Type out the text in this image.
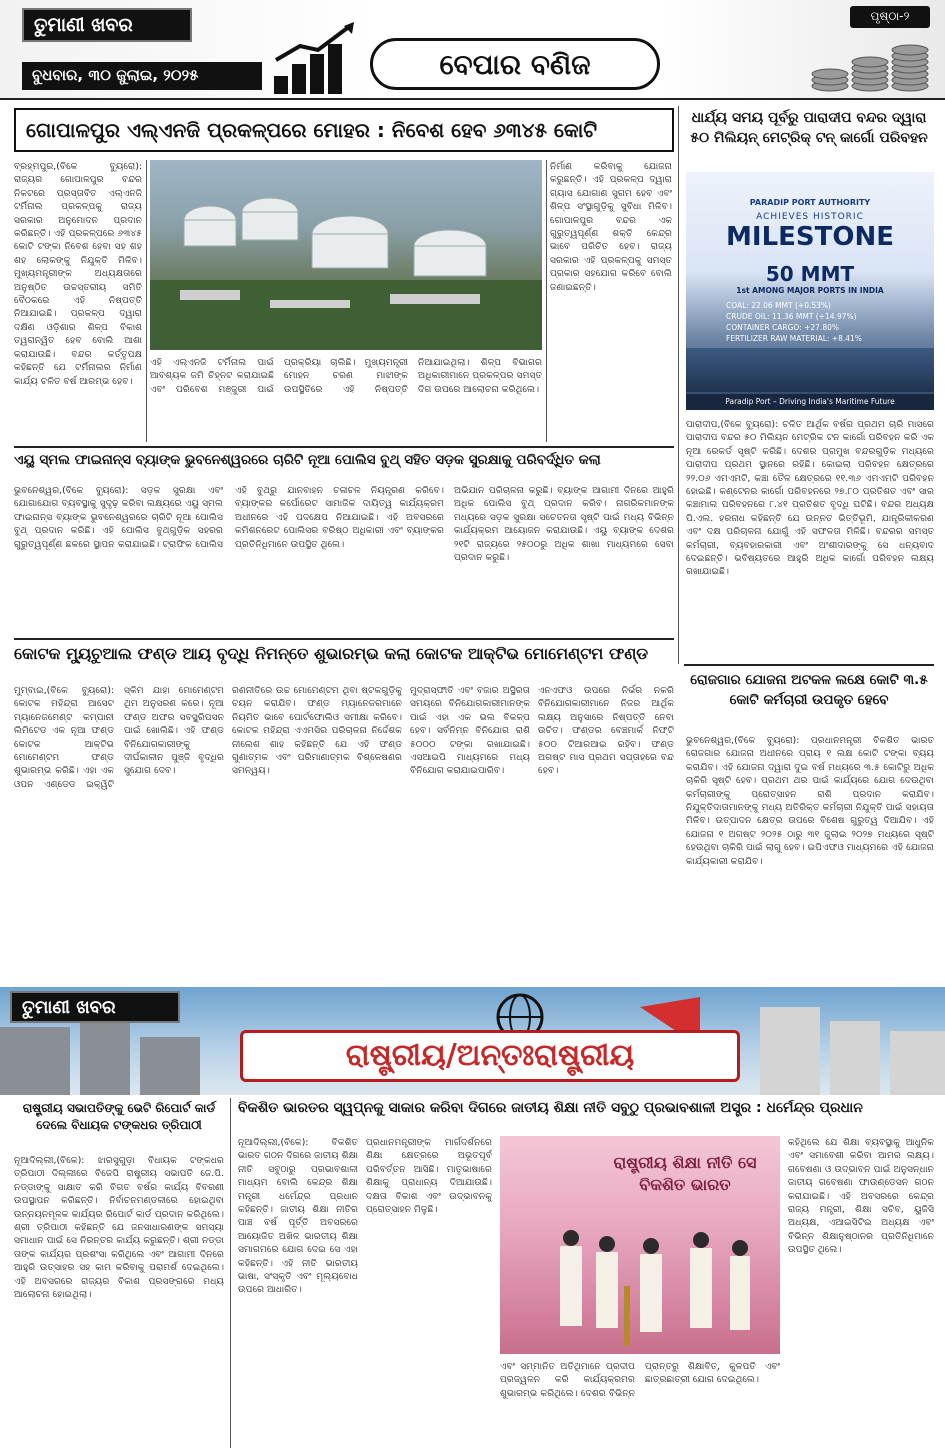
ତୁମାଣୀ ଖବର
ବୁଧବାର, ୩୦ ଜୁଲାଇ, ୨୦୨୫
ପୃଷ୍ଠା-୨
ବେପାର ବଣିଜ
ଗୋପାଳପୁର ଏଲ୍‌ଏନଜି ପ୍ରକଳ୍ପରେ ମୋହର : ନିବେଶ ହେବ ୬୩୪୫ କୋଟି
ବ୍ରହ୍ମପୁର,(ବିକେ ବ୍ୟୁରୋ): ରାଜ୍ୟର ଗୋପାଳପୁର ବନ୍ଦର ନିକଟରେ ପ୍ରସ୍ତାବିତ ଏଲ୍‌ଏନଜି ଟର୍ମିନାଲ ପ୍ରକଳ୍ପକୁ ରାଜ୍ୟ ସରକାର ଅନୁମୋଦନ ପ୍ରଦାନ କରିଛନ୍ତି। ଏହି ପ୍ରକଳ୍ପରେ ୬୩୪୫ କୋଟି ଟଙ୍କା ନିବେଶ ହେବା ସହ ଶହ ଶହ ଲୋକଙ୍କୁ ନିଯୁକ୍ତି ମିଳିବ। ମୁଖ୍ୟମନ୍ତ୍ରୀଙ୍କ ଅଧ୍ୟକ୍ଷତାରେ ଅନୁଷ୍ଠିତ ଉଚ୍ଚସ୍ତରୀୟ ସମିତି ବୈଠକରେ ଏହି ନିଷ୍ପତ୍ତି ନିଆଯାଇଛି। ପ୍ରକଳ୍ପ ଦ୍ୱାରା ଦକ୍ଷିଣ ଓଡ଼ିଶାର ଶିଳ୍ପ ବିକାଶ ତ୍ୱରାନ୍ୱିତ ହେବ ବୋଲି ଆଶା କରାଯାଉଛି। ବନ୍ଦର କର୍ତ୍ତୃପକ୍ଷ କହିଛନ୍ତି ଯେ ଟର୍ମିନାଲର ନିର୍ମାଣ କାର୍ଯ୍ୟ ଚଳିତ ବର୍ଷ ଆରମ୍ଭ ହେବ।
ନିର୍ମାଣ କରିବାକୁ ଯୋଜନା କରୁଛନ୍ତି। ଏହି ପ୍ରକଳ୍ପ ଦ୍ୱାରା ଗ୍ୟାସ ଯୋଗାଣ ସୁଗମ ହେବ ଏବଂ ଶିଳ୍ପ ସଂସ୍ଥାଗୁଡ଼ିକୁ ସୁବିଧା ମିଳିବ। ଗୋପାଳପୁର ବନ୍ଦର ଏକ ଗୁରୁତ୍ୱପୂର୍ଣ୍ଣ ଶକ୍ତି କେନ୍ଦ୍ର ଭାବେ ପରିଚିତ ହେବ। ରାଜ୍ୟ ସରକାର ଏହି ପ୍ରକଳ୍ପକୁ ସମସ୍ତ ପ୍ରକାର ସହଯୋଗ କରିବେ ବୋଲି ଜଣାଇଛନ୍ତି।
ଏହି ଏଲ୍‌ଏନଜି ଟର୍ମିନାଲ ପାଇଁ ଆବଶ୍ୟକ ଜମି ଚିହ୍ନଟ କରାଯାଇଛି ଏବଂ ପରିବେଶ ମଞ୍ଜୁରୀ ପାଇଁ ପ୍ରକ୍ରିୟା ଚାଲିଛି। ମୁଖ୍ୟମନ୍ତ୍ରୀ ମୋହନ ଚରଣ ମାଝୀଙ୍କ ଉପସ୍ଥିତିରେ ଏହି ନିଷ୍ପତ୍ତି ନିଆଯାଇଥିଲା। ଶିଳ୍ପ ବିଭାଗର ଅଧିକାରୀମାନେ ପ୍ରକଳ୍ପର ସମସ୍ତ ଦିଗ ଉପରେ ଆଲୋଚନା କରିଥିଲେ।
ଧାର୍ଯ୍ୟ ସମୟ ପୂର୍ବରୁ ପାରାଦୀପ ବନ୍ଦର ଦ୍ୱାରା ୫୦ ମିଲିୟନ୍ ମେଟ୍ରିକ୍ ଟନ୍ କାର୍ଗୋ ପରିବହନ
PARADIP PORT AUTHORITY
ACHIEVES HISTORIC
MILESTONE
50 MMT
1st AMONG MAJOR PORTS IN INDIA
COAL: 22.06 MMT (+0.53%)
CRUDE OIL: 11.36 MMT (+14.97%)
CONTAINER CARGO: +27.80%
FERTILIZER RAW MATERIAL: +8.41%
Paradip Port – Driving India's Maritime Future
ପାରାଦୀପ,(ବିକେ ବ୍ୟୁରୋ): ଚଳିତ ଆର୍ଥିକ ବର୍ଷର ପ୍ରଥମ ଚାରି ମାସରେ ପାରାଦୀପ ବନ୍ଦର ୫୦ ମିଲିୟନ ମେଟ୍ରିକ ଟନ କାର୍ଗୋ ପରିବହନ କରି ଏକ ନୂଆ ରେକର୍ଡ ସୃଷ୍ଟି କରିଛି। ଦେଶର ପ୍ରମୁଖ ବନ୍ଦରଗୁଡ଼ିକ ମଧ୍ୟରେ ପାରାଦୀପ ପ୍ରଥମ ସ୍ଥାନରେ ରହିଛି। କୋଇଲା ପରିବହନ କ୍ଷେତ୍ରରେ ୨୨.୦୬ ଏମଏମଟି, କଞ୍ଚା ତୈଳ କ୍ଷେତ୍ରରେ ୧୧.୩୬ ଏମଏମଟି ପରିବହନ ହୋଇଛି। କଣ୍ଟେନର କାର୍ଗୋ ପରିବହନରେ ୨୭.୮୦ ପ୍ରତିଶତ ଏବଂ ସାର କଞ୍ଚାମାଲ ପରିବହନରେ ୮.୪୧ ପ୍ରତିଶତ ବୃଦ୍ଧି ଘଟିଛି। ବନ୍ଦର ଅଧ୍ୟକ୍ଷ ପି.ଏଲ. ହରନାଧ କହିଛନ୍ତି ଯେ ଉନ୍ନତ ଭିତ୍ତିଭୂମି, ଯାନ୍ତ୍ରିକୀକରଣ ଏବଂ ଦକ୍ଷ ପରିଚାଳନା ଯୋଗୁଁ ଏହି ସଫଳତା ମିଳିଛି। ବନ୍ଦରର ସମସ୍ତ କର୍ମଚାରୀ, ବ୍ୟବହାରକାରୀ ଏବଂ ଅଂଶୀଦାରଙ୍କୁ ସେ ଧନ୍ୟବାଦ ଦେଇଛନ୍ତି। ଭବିଷ୍ୟତରେ ଆହୁରି ଅଧିକ କାର୍ଗୋ ପରିବହନ ଲକ୍ଷ୍ୟ ରଖାଯାଇଛି।
ଏୟୁ ସ୍ମଲ ଫାଇନାନ୍ସ ବ୍ୟାଙ୍କ ଭୁବନେଶ୍ୱରରେ ଚାରିଟି ନୂଆ ପୋଲିସ ବୁଥ୍ ସହିତ ସଡ଼କ ସୁରକ୍ଷାକୁ ପରିବର୍ଦ୍ଧିତ କଲା
ଭୁବନେଶ୍ୱର,(ବିକେ ବ୍ୟୁରୋ): ସଡ଼କ ସୁରକ୍ଷା ଏବଂ ଯୋଗାଯୋଗ ବ୍ୟବସ୍ଥାକୁ ସୁଦୃଢ଼ କରିବା ଲକ୍ଷ୍ୟରେ ଏୟୁ ସ୍ମଲ ଫାଇନାନ୍ସ ବ୍ୟାଙ୍କ ଭୁବନେଶ୍ୱରରେ ଚାରିଟି ନୂଆ ପୋଲିସ ବୁଥ୍ ପ୍ରଦାନ କରିଛି। ଏହି ପୋଲିସ ବୁଥ୍‌ଗୁଡ଼ିକ ସହରର ଗୁରୁତ୍ୱପୂର୍ଣ୍ଣ ଛକରେ ସ୍ଥାପନ କରାଯାଇଛି। ଟ୍ରାଫିକ ପୋଲିସ ଏହି ବୁଥ୍‌ରୁ ଯାନବାହନ ଚଳାଚଳ ନିୟନ୍ତ୍ରଣ କରିବେ। ବ୍ୟାଙ୍କର କର୍ପୋରେଟ ସାମାଜିକ ଦାୟିତ୍ୱ କାର୍ଯ୍ୟକ୍ରମ ଅଧୀନରେ ଏହି ପଦକ୍ଷେପ ନିଆଯାଇଛି। ଏହି ଅବସରରେ କମିଶନରେଟ ପୋଲିସର ବରିଷ୍ଠ ଅଧିକାରୀ ଏବଂ ବ୍ୟାଙ୍କର ପ୍ରତିନିଧିମାନେ ଉପସ୍ଥିତ ଥିଲେ।
ଅଭିଯାନ ପରିଚାଳନା କରୁଛି। ବ୍ୟାଙ୍କ ଆଗାମୀ ଦିନରେ ଆହୁରି ଅଧିକ ପୋଲିସ ବୁଥ୍ ପ୍ରଦାନ କରିବ। ନାଗରିକମାନଙ୍କ ମଧ୍ୟରେ ସଡ଼କ ସୁରକ୍ଷା ସଚେତନତା ସୃଷ୍ଟି ପାଇଁ ମଧ୍ୟ ବିଭିନ୍ନ କାର୍ଯ୍ୟକ୍ରମ ଆୟୋଜନ କରାଯାଉଛି। ଏୟୁ ବ୍ୟାଙ୍କ ଦେଶର ୨୧ଟି ରାଜ୍ୟରେ ୨୫୦୦ରୁ ଅଧିକ ଶାଖା ମାଧ୍ୟମରେ ସେବା ପ୍ରଦାନ କରୁଛି।
କୋଟକ ମ୍ୟୁଚୁଆଲ ଫଣ୍ଡ ଆୟ ବୃଦ୍ଧି ନିମନ୍ତେ ଶୁଭାରମ୍ଭ କଲା କୋଟକ ଆକ୍ଟିଭ ମୋମେଣ୍ଟମ ଫଣ୍ଡ
ମୁମ୍ବାଇ,(ବିକେ ବ୍ୟୁରୋ): କୋଟକ ମହିନ୍ଦ୍ରା ଆସେଟ ମ୍ୟାନେଜମେଣ୍ଟ କମ୍ପାନୀ ଲିମିଟେଡ ଏକ ନୂଆ ଫଣ୍ଡ କୋଟକ ଆକ୍ଟିଭ ମୋମେଣ୍ଟମ ଫଣ୍ଡ ଶୁଭାରମ୍ଭ କରିଛି। ଏହା ଏକ ଓପନ ଏଣ୍ଡେଡ ଇକ୍ୱିଟି ସ୍କିମ ଯାହା ମୋମେଣ୍ଟମ ଥିମ ଅନୁସରଣ କରେ। ନୂଆ ଫଣ୍ଡ ଅଫର ସବସ୍କ୍ରିପସନ ପାଇଁ ଖୋଲିଛି। ଏହି ଫଣ୍ଡ ବିନିଯୋଗକାରୀଙ୍କୁ ଦୀର୍ଘକାଳୀନ ପୁଞ୍ଜି ବୃଦ୍ଧିର ସୁଯୋଗ ଦେବ।
ରଣନୀତିରେ ଉଚ୍ଚ ମୋମେଣ୍ଟମ ଥିବା ଷ୍ଟକଗୁଡ଼ିକୁ ଚୟନ କରାଯିବ। ଫଣ୍ଡ ମ୍ୟାନେଜରମାନେ ନିୟମିତ ଭାବେ ପୋର୍ଟଫୋଲିଓ ସମୀକ୍ଷା କରିବେ। କୋଟକ ମହିନ୍ଦ୍ରା ଏଏମସିର ପରିଚାଳନା ନିର୍ଦ୍ଦେଶକ ନୀଲେଶ ଶାହ କହିଛନ୍ତି ଯେ ଏହି ଫଣ୍ଡ ଗୁଣାତ୍ମକ ଏବଂ ପରିମାଣାତ୍ମକ ବିଶ୍ଳେଷଣର ସମନ୍ୱୟ।
ମୁଦ୍ରାସ୍ଫୀତି ଏବଂ ବଜାର ଅସ୍ଥିରତା ସମୟରେ ବିନିଯୋଗକାରୀମାନଙ୍କ ପାଇଁ ଏହା ଏକ ଭଲ ବିକଳ୍ପ ହେବ। ସର୍ବନିମ୍ନ ବିନିଯୋଗ ରାଶି ୫୦୦୦ ଟଙ୍କା ରଖାଯାଇଛି। ଏସଆଇପି ମାଧ୍ୟମରେ ମଧ୍ୟ ବିନିଯୋଗ କରାଯାଇପାରିବ।
ଏନଏଫଓ ଉପରେ ନିର୍ଭର ନକରି ବିନିଯୋଗକାରୀମାନେ ନିଜର ଆର୍ଥିକ ଲକ୍ଷ୍ୟ ଅନୁସାରେ ନିଷ୍ପତ୍ତି ନେବା ଉଚିତ। ଫଣ୍ଡର ବେଞ୍ଚମାର୍କ ନିଫ୍ଟି ୫୦୦ ଟିଆରଆଇ ରହିବ। ଫଣ୍ଡ ଅଗଷ୍ଟ ମାସ ପ୍ରଥମ ସପ୍ତାହରେ ବନ୍ଦ ହେବ।
ରୋଜଗାର ଯୋଜନା ଅଟକଳ ଲକ୍ଷେ କୋଟି ୩.୫ କୋଟି କର୍ମଚାରୀ ଉପକୃତ ହେବେ
ଭୁବନେଶ୍ୱର,(ବିକେ ବ୍ୟୁରୋ): ପ୍ରଧାନମନ୍ତ୍ରୀ ବିକଶିତ ଭାରତ ରୋଜଗାର ଯୋଜନା ଅଧୀନରେ ପ୍ରାୟ ୧ ଲକ୍ଷ କୋଟି ଟଙ୍କା ବ୍ୟୟ କରାଯିବ। ଏହି ଯୋଜନା ଦ୍ୱାରା ଦୁଇ ବର୍ଷ ମଧ୍ୟରେ ୩.୫ କୋଟିରୁ ଅଧିକ ଚାକିରି ସୃଷ୍ଟି ହେବ। ପ୍ରଥମ ଥର ପାଇଁ କାର୍ଯ୍ୟରେ ଯୋଗ ଦେଉଥିବା କର୍ମଚାରୀଙ୍କୁ ପ୍ରୋତ୍ସାହନ ରାଶି ପ୍ରଦାନ କରାଯିବ। ନିଯୁକ୍ତିଦାତାମାନଙ୍କୁ ମଧ୍ୟ ଅତିରିକ୍ତ କର୍ମଚାରୀ ନିଯୁକ୍ତି ପାଇଁ ସହାୟତା ମିଳିବ। ଉତ୍ପାଦନ କ୍ଷେତ୍ର ଉପରେ ବିଶେଷ ଗୁରୁତ୍ୱ ଦିଆଯିବ। ଏହି ଯୋଜନା ୧ ଅଗଷ୍ଟ ୨୦୨୫ ଠାରୁ ୩୧ ଜୁଲାଇ ୨୦୨୭ ମଧ୍ୟରେ ସୃଷ୍ଟି ହେଉଥିବା ଚାକିରି ପାଇଁ ଲାଗୁ ହେବ। ଇପିଏଫଓ ମାଧ୍ୟମରେ ଏହି ଯୋଜନା କାର୍ଯ୍ୟକାରୀ କରାଯିବ।
ତୁମାଣୀ ଖବର
ରାଷ୍ଟ୍ରୀୟ/ଅନ୍ତଃରାଷ୍ଟ୍ରୀୟ
ରାଷ୍ଟ୍ରୀୟ ସଭାପତିଙ୍କୁ ଭେଟି ରିପୋର୍ଟ କାର୍ଡ ଦେଲେ ବିଧାୟକ ଟଙ୍କଧର ତ୍ରିପାଠୀ
ନୂଆଦିଲ୍ଲୀ,(ବିକେ): ଝାରସୁଗୁଡ଼ା ବିଧାୟକ ଟଙ୍କଧର ତ୍ରିପାଠୀ ଦିଲ୍ଲୀରେ ବିଜେପି ରାଷ୍ଟ୍ରୀୟ ସଭାପତି ଜେ.ପି. ନଡ୍ଡାଙ୍କୁ ସାକ୍ଷାତ କରି ବିଗତ ବର୍ଷର କାର୍ଯ୍ୟ ବିବରଣୀ ଉପସ୍ଥାପନ କରିଛନ୍ତି। ନିର୍ବାଚନମଣ୍ଡଳୀରେ ହୋଇଥିବା ଉନ୍ନୟନମୂଳକ କାର୍ଯ୍ୟର ରିପୋର୍ଟ କାର୍ଡ ପ୍ରଦାନ କରିଥିଲେ। ଶ୍ରୀ ତ୍ରିପାଠୀ କହିଛନ୍ତି ଯେ ଜନସାଧାରଣଙ୍କ ସମସ୍ୟା ସମାଧାନ ପାଇଁ ସେ ନିରନ୍ତର କାର୍ଯ୍ୟ କରୁଛନ୍ତି। ଶ୍ରୀ ନଡ୍ଡା ତାଙ୍କ କାର୍ଯ୍ୟର ପ୍ରଶଂସା କରିଥିଲେ ଏବଂ ଆଗାମୀ ଦିନରେ ଆହୁରି ଉତ୍ସାହର ସହ କାମ କରିବାକୁ ପରାମର୍ଶ ଦେଇଥିଲେ। ଏହି ଅବସରରେ ରାଜ୍ୟର ବିକାଶ ପ୍ରସଙ୍ଗରେ ମଧ୍ୟ ଆଲୋଚନା ହୋଇଥିଲା।
ବିକଶିତ ଭାରତର ସ୍ୱପ୍ନକୁ ସାକାର କରିବା ଦିଗରେ ଜାତୀୟ ଶିକ୍ଷା ନୀତି ସବୁଠୁ ପ୍ରଭାବଶାଳୀ ଅସ୍ତ୍ର : ଧର୍ମେନ୍ଦ୍ର ପ୍ରଧାନ
ନୂଆଦିଲ୍ଲୀ,(ବିକେ): ବିକଶିତ ଭାରତ ଗଠନ ଦିଗରେ ଜାତୀୟ ଶିକ୍ଷା ନୀତି ସବୁଠାରୁ ପ୍ରଭାବଶାଳୀ ମାଧ୍ୟମ ବୋଲି କେନ୍ଦ୍ର ଶିକ୍ଷା ମନ୍ତ୍ରୀ ଧର୍ମେନ୍ଦ୍ର ପ୍ରଧାନ କହିଛନ୍ତି। ଜାତୀୟ ଶିକ୍ଷା ନୀତିର ପାଞ୍ଚ ବର୍ଷ ପୂର୍ତ୍ତି ଅବସରରେ ଆୟୋଜିତ ଅଖିଳ ଭାରତୀୟ ଶିକ୍ଷା ସମାଗମରେ ଯୋଗ ଦେଇ ସେ ଏହା କହିଛନ୍ତି। ଏହି ନୀତି ଭାରତୀୟ ଭାଷା, ସଂସ୍କୃତି ଏବଂ ମୂଲ୍ୟବୋଧ ଉପରେ ଆଧାରିତ।
ପ୍ରଧାନମନ୍ତ୍ରୀଙ୍କ ମାର୍ଗଦର୍ଶନରେ ଶିକ୍ଷା କ୍ଷେତ୍ରରେ ଅଭୂତପୂର୍ବ ପରିବର୍ତ୍ତନ ଆସିଛି। ମାତୃଭାଷାରେ ଶିକ୍ଷାକୁ ପ୍ରାଧାନ୍ୟ ଦିଆଯାଉଛି। ଦକ୍ଷତା ବିକାଶ ଏବଂ ଉଦ୍ଭାବନକୁ ପ୍ରୋତ୍ସାହନ ମିଳୁଛି।
ରାଷ୍ଟ୍ରୀୟ ଶିକ୍ଷା ନୀତି ସେ ବିକଶିତ ଭାରତ
ଏବଂ ସମ୍ମାନିତ ଅତିଥିମାନେ ପ୍ରଦୀପ ପ୍ରଜ୍ୱଳନ କରି କାର୍ଯ୍ୟକ୍ରମର ଶୁଭାରମ୍ଭ କରିଥିଲେ। ଦେଶର ବିଭିନ୍ନ ପ୍ରାନ୍ତରୁ ଶିକ୍ଷାବିତ୍, କୁଳପତି ଏବଂ ଛାତ୍ରଛାତ୍ରୀ ଯୋଗ ଦେଇଥିଲେ।
କହିଥିଲେ ଯେ ଶିକ୍ଷା ବ୍ୟବସ୍ଥାକୁ ଆଧୁନିକ ଏବଂ ସମାବେଶୀ କରିବା ଆମର ଲକ୍ଷ୍ୟ। ଗବେଷଣା ଓ ଉଦ୍ଭାବନ ପାଇଁ ଅନୁସନ୍ଧାନ ଜାତୀୟ ଗବେଷଣା ଫାଉଣ୍ଡେସନ ଗଠନ କରାଯାଇଛି। ଏହି ଅବସରରେ କେନ୍ଦ୍ର ରାଜ୍ୟ ମନ୍ତ୍ରୀ, ଶିକ୍ଷା ସଚିବ, ୟୁଜିସି ଅଧ୍ୟକ୍ଷ, ଏଆଇସିଟିଇ ଅଧ୍ୟକ୍ଷ ଏବଂ ବିଭିନ୍ନ ଶିକ୍ଷାନୁଷ୍ଠାନର ପ୍ରତିନିଧିମାନେ ଉପସ୍ଥିତ ଥିଲେ।
